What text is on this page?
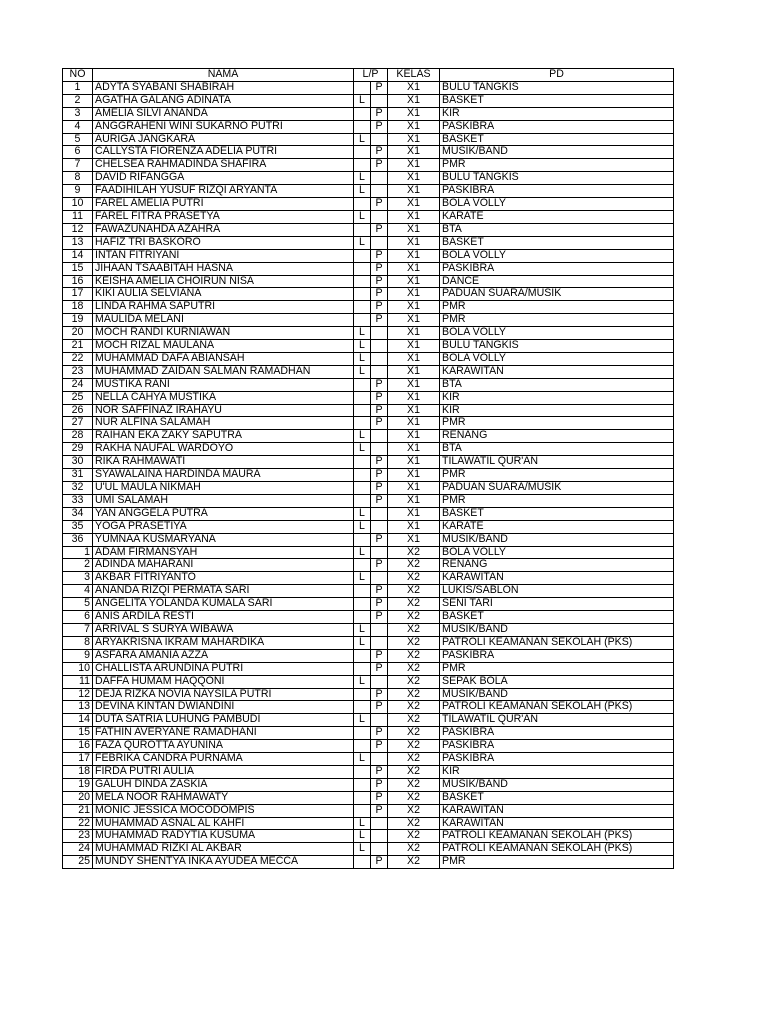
NO	NAMA	L/P		KELAS	PD
1	ADYTA SYABANI SHABIRAH		P	X1	BULU TANGKIS
2	AGATHA GALANG ADINATA	L		X1	BASKET
3	AMELIA SILVI ANANDA		P	X1	KIR
4	ANGGRAHENI WINI SUKARNO PUTRI		P	X1	PASKIBRA
5	AURIGA JANGKARA	L		X1	BASKET
6	CALLYSTA FIORENZA ADELIA PUTRI		P	X1	MUSIK/BAND
7	CHELSEA RAHMADINDA SHAFIRA		P	X1	PMR
8	DAVID RIFANGGA	L		X1	BULU TANGKIS
9	FAADIHILAH YUSUF RIZQI ARYANTA	L		X1	PASKIBRA
10	FAREL AMELIA PUTRI		P	X1	BOLA VOLLY
11	FAREL FITRA PRASETYA	L		X1	KARATE
12	FAWAZUNAHDA AZAHRA		P	X1	BTA
13	HAFIZ TRI BASKORO	L		X1	BASKET
14	INTAN FITRIYANI		P	X1	BOLA VOLLY
15	JIHAAN TSAABITAH HASNA		P	X1	PASKIBRA
16	KEISHA AMELIA CHOIRUN NISA		P	X1	DANCE
17	KIKI AULIA SELVIANA		P	X1	PADUAN SUARA/MUSIK
18	LINDA RAHMA SAPUTRI		P	X1	PMR
19	MAULIDA MELANI		P	X1	PMR
20	MOCH RANDI KURNIAWAN	L		X1	BOLA VOLLY
21	MOCH RIZAL MAULANA	L		X1	BULU TANGKIS
22	MUHAMMAD DAFA ABIANSAH	L		X1	BOLA VOLLY
23	MUHAMMAD ZAIDAN SALMAN RAMADHAN	L		X1	KARAWITAN
24	MUSTIKA RANI		P	X1	BTA
25	NELLA CAHYA MUSTIKA		P	X1	KIR
26	NOR SAFFINAZ IRAHAYU		P	X1	KIR
27	NUR ALFINA SALAMAH		P	X1	PMR
28	RAIHAN EKA ZAKY SAPUTRA	L		X1	RENANG
29	RAKHA NAUFAL WARDOYO	L		X1	BTA
30	RIKA RAHMAWATI		P	X1	TILAWATIL QUR'AN
31	SYAWALAINA HARDINDA MAURA		P	X1	PMR
32	U'UL MAULA NIKMAH		P	X1	PADUAN SUARA/MUSIK
33	UMI SALAMAH		P	X1	PMR
34	YAN ANGGELA PUTRA	L		X1	BASKET
35	YOGA PRASETIYA	L		X1	KARATE
36	YUMNAA KUSMARYANA		P	X1	MUSIK/BAND
1	ADAM FIRMANSYAH	L		X2	BOLA VOLLY
2	ADINDA MAHARANI		P	X2	RENANG
3	AKBAR FITRIYANTO	L		X2	KARAWITAN
4	ANANDA RIZQI PERMATA SARI		P	X2	LUKIS/SABLON
5	ANGELITA YOLANDA KUMALA SARI		P	X2	SENI TARI
6	ANIS ARDILA RESTI		P	X2	BASKET
7	ARRIVAL S SURYA WIBAWA	L		X2	MUSIK/BAND
8	ARYAKRISNA IKRAM MAHARDIKA	L		X2	PATROLI KEAMANAN SEKOLAH (PKS)
9	ASFARA AMANIA AZZA		P	X2	PASKIBRA
10	CHALLISTA ARUNDINA PUTRI		P	X2	PMR
11	DAFFA HUMAM HAQQONI	L		X2	SEPAK BOLA
12	DEJA RIZKA NOVIA NAYSILA PUTRI		P	X2	MUSIK/BAND
13	DEVINA KINTAN DWIANDINI		P	X2	PATROLI KEAMANAN SEKOLAH (PKS)
14	DUTA SATRIA LUHUNG PAMBUDI	L		X2	TILAWATIL QUR'AN
15	FATHIN AVERYANE RAMADHANI		P	X2	PASKIBRA
16	FAZA QUROTTA AYUNINA		P	X2	PASKIBRA
17	FEBRIKA CANDRA PURNAMA	L		X2	PASKIBRA
18	FIRDA PUTRI AULIA		P	X2	KIR
19	GALUH DINDA ZASKIA		P	X2	MUSIK/BAND
20	MELA NOOR RAHMAWATY		P	X2	BASKET
21	MONIC JESSICA MOCODOMPIS		P	X2	KARAWITAN
22	MUHAMMAD ASNAL AL KAHFI	L		X2	KARAWITAN
23	MUHAMMAD RADYTIA KUSUMA	L		X2	PATROLI KEAMANAN SEKOLAH (PKS)
24	MUHAMMAD RIZKI AL AKBAR	L		X2	PATROLI KEAMANAN SEKOLAH (PKS)
25	MUNDY SHENTYA INKA AYUDEA MECCA		P	X2	PMR
